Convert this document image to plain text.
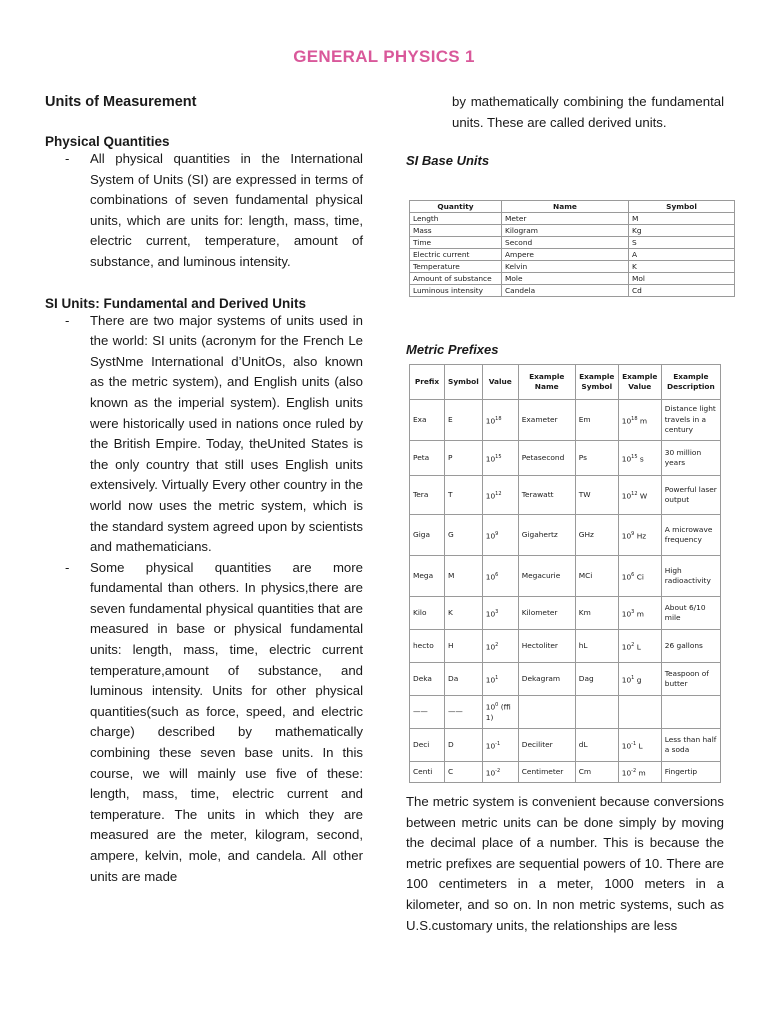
GENERAL PHYSICS 1
Units of Measurement
Physical Quantities
- All physical quantities in the International System of Units (SI) are expressed in terms of combinations of seven fundamental physical units, which are units for: length, mass, time, electric current, temperature, amount of substance, and luminous intensity.
SI Units: Fundamental and Derived Units
- There are two major systems of units used in the world: SI units (acronym for the French Le SystNme International d’UnitOs, also known as the metric system), and English units (also known as the imperial system). English units were historically used in nations once ruled by the British Empire. Today, theUnited States is the only country that still uses English units extensively. Virtually Every other country in the world now uses the metric system, which is the standard system agreed upon by scientists and mathematicians.
- Some physical quantities are more fundamental than others. In physics,there are seven fundamental physical quantities that are measured in base or physical fundamental units: length, mass, time, electric current temperature,amount of substance, and luminous intensity. Units for other physical quantities(such as force, speed, and electric charge) described by mathematically combining these seven base units. In this course, we will mainly use five of these: length, mass, time, electric current and temperature. The units in which they are measured are the meter, kilogram, second, ampere, kelvin, mole, and candela. All other units are made
by mathematically combining the fundamental units. These are called derived units.
SI Base Units
Quantity	Name	Symbol
Length	Meter	M
Mass	Kilogram	Kg
Time	Second	S
Electric current	Ampere	A
Temperature	Kelvin	K
Amount of substance	Mole	Mol
Luminous intensity	Candela	Cd
Metric Prefixes
Prefix	Symbol	Value	Example Name	Example Symbol	Example Value	Example Description
Exa	E	$10^{18}$	Exameter	Em	$10^{18}$ m	Distance light travels in a century
Peta	P	$10^{15}$	Petasecond	Ps	$10^{15}$ s	30 million years
Tera	T	$10^{12}$	Terawatt	TW	$10^{12}$ W	Powerful laser output
Giga	G	$10^9$	Gigahertz	GHz	$10^9$ Hz	A microwave frequency
Mega	M	$10^6$	Megacurie	MCi	$10^6$ Ci	High radioactivity
Kilo	K	$10^3$	Kilometer	Km	$10^3$ m	About 6/10 mile
hecto	H	$10^2$	Hectoliter	hL	$10^2$ L	26 gallons
Deka	Da	$10^1$	Dekagram	Dag	$10^1$ g	Teaspoon of butter
——	——	$10^0$ (ffi 1)				
Deci	D	$10^{-1}$	Deciliter	dL	$10^{-1}$ L	Less than half a soda
Centi	C	$10^{-2}$	Centimeter	Cm	$10^{-2}$ m	Fingertip
The metric system is convenient because conversions between metric units can be done simply by moving the decimal place of a number. This is because the metric prefixes are sequential powers of 10. There are 100 centimeters in a meter, 1000 meters in a kilometer, and so on. In non metric systems, such as U.S.customary units, the relationships are less
